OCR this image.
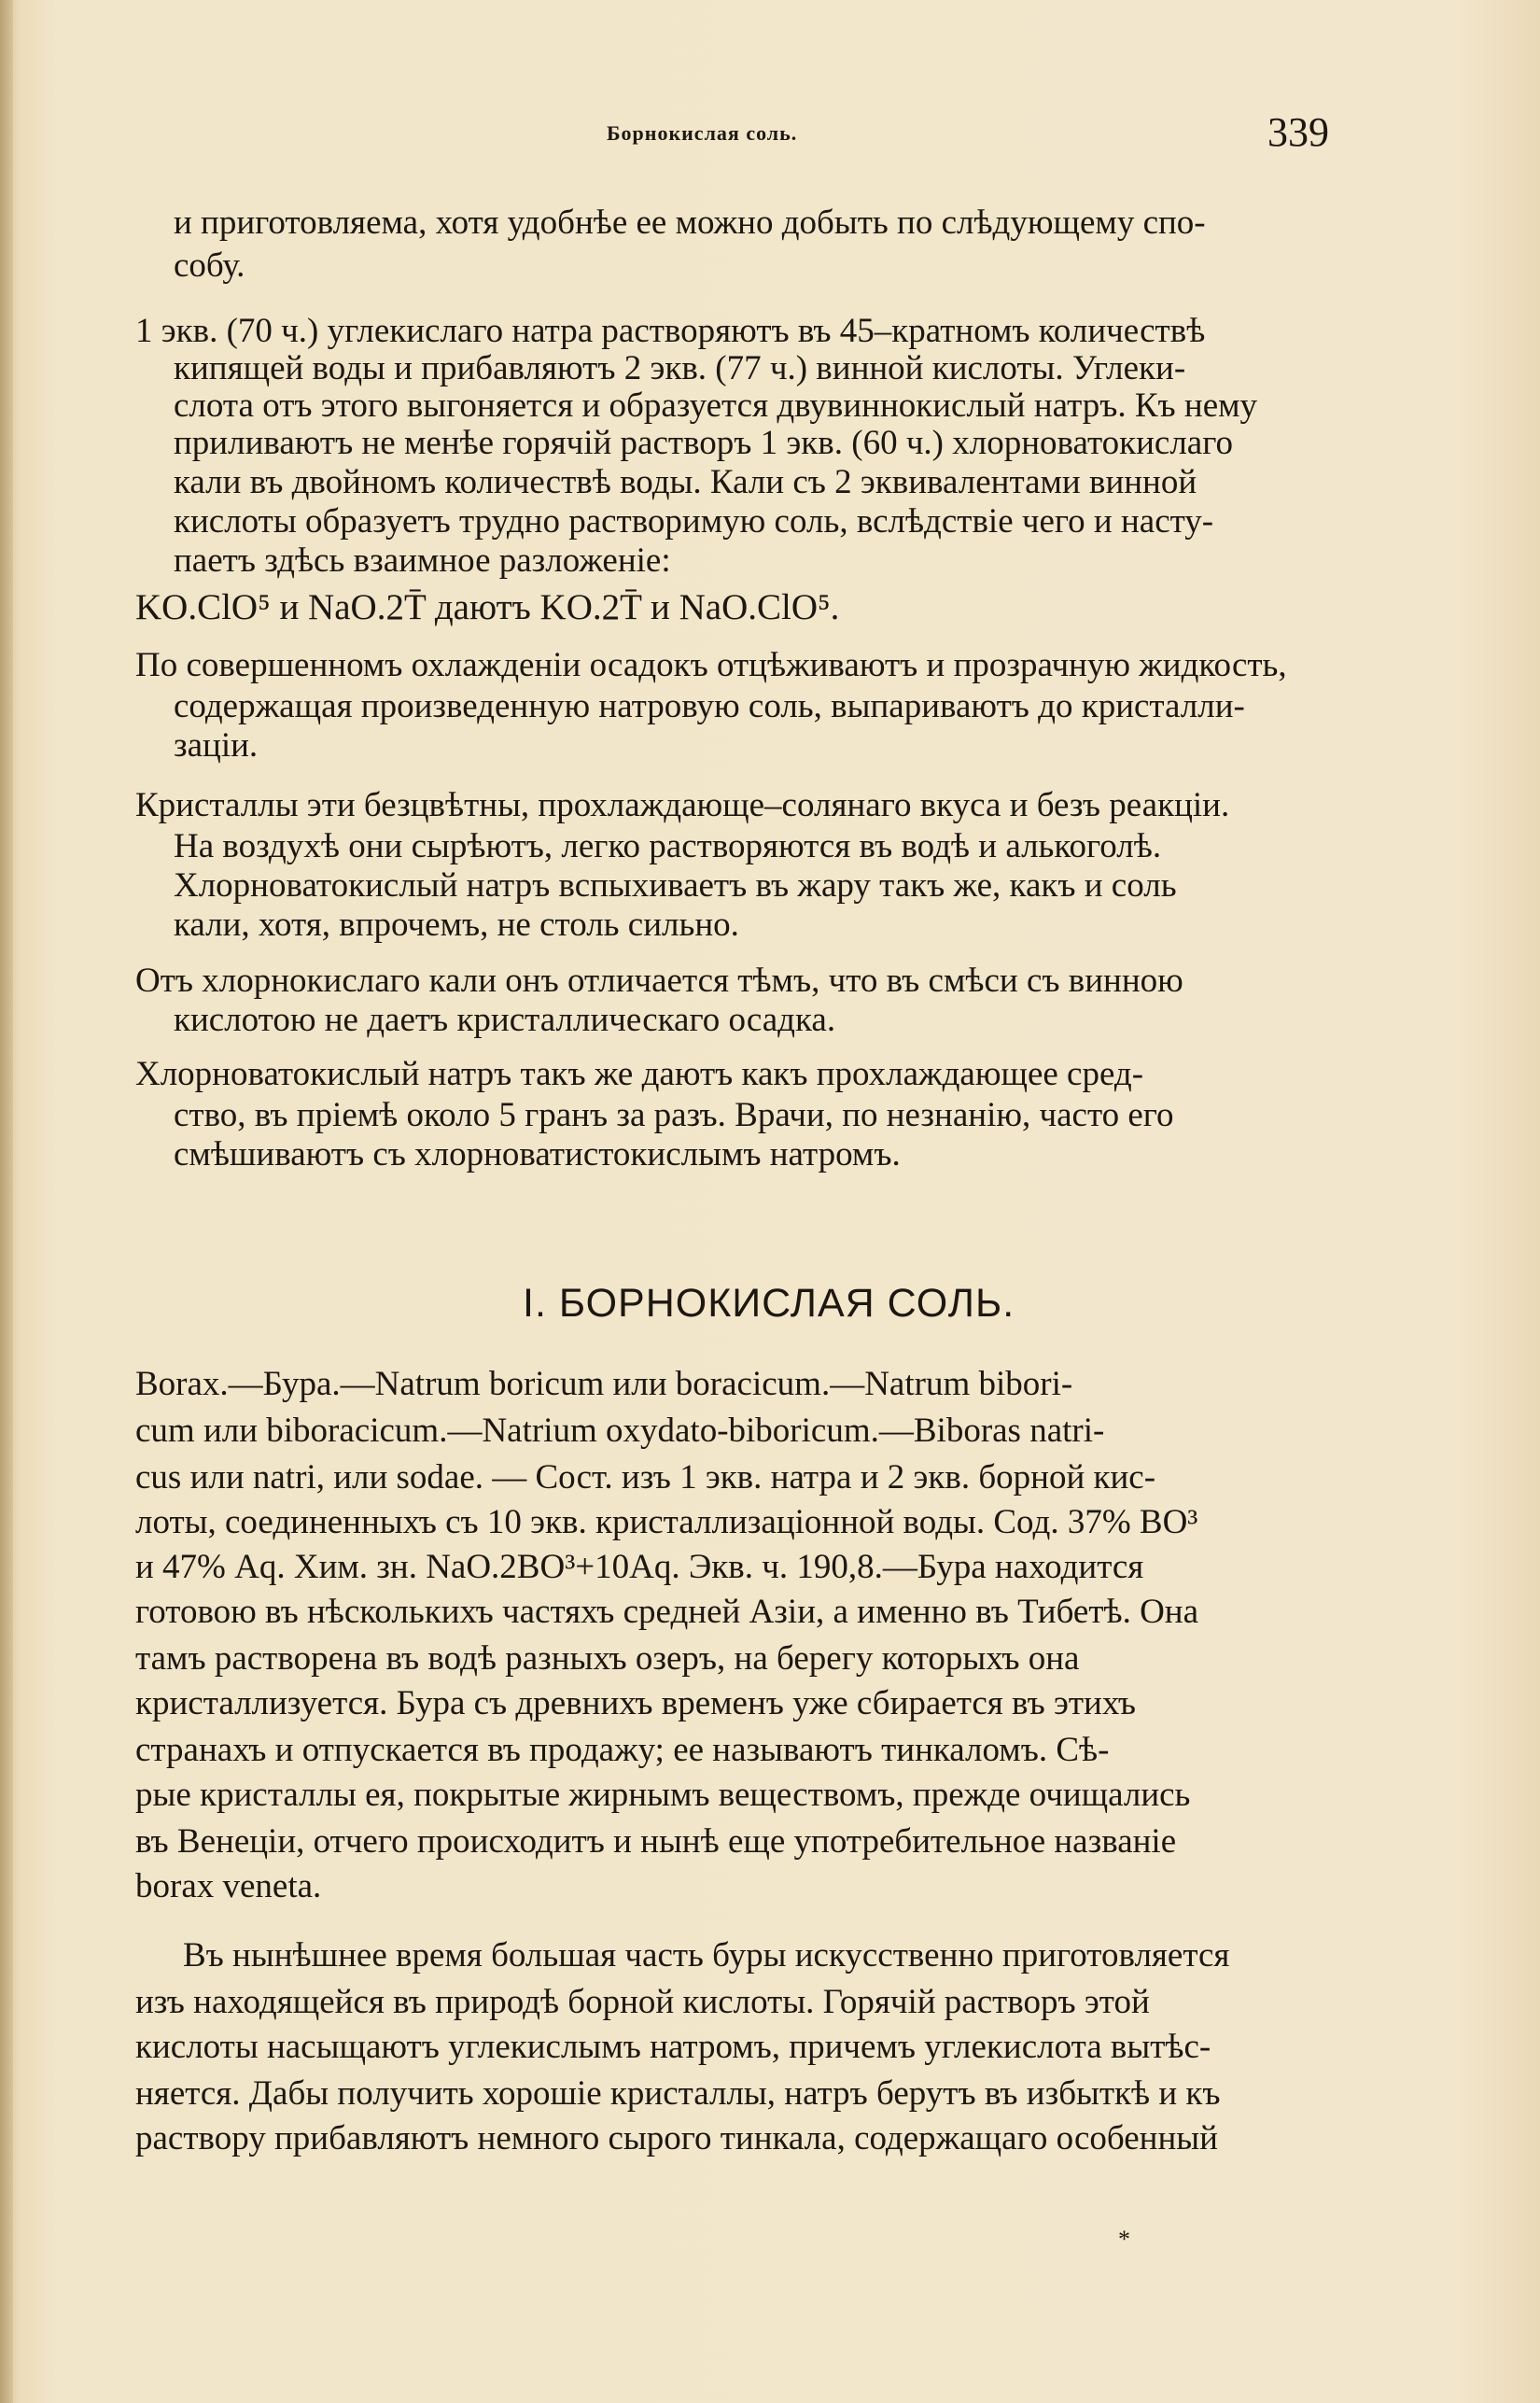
Борнокислая соль.	339
и приготовляема, хотя удобнѣе ее можно добыть по слѣдующему спо-
собу.
1 экв. (70 ч.) углекислаго натра растворяютъ въ 45–кратномъ количествѣ
кипящей воды и прибавляютъ 2 экв. (77 ч.) винной кислоты. Углеки-
слота отъ этого выгоняется и образуется двувиннокислый натръ. Къ нему
приливаютъ не менѣе горячій растворъ 1 экв. (60 ч.) хлорноватокислаго
кали въ двойномъ количествѣ воды. Кали съ 2 эквивалентами винной
кислоты образуетъ трудно растворимую соль, вслѣдствіе чего и насту-
паетъ здѣсь взаимное разложеніе:
KO.ClO⁵ и NaO.2T̄ даютъ KO.2T̄ и NaO.ClO⁵.
По совершенномъ охлажденіи осадокъ отцѣживаютъ и прозрачную жидкость,
содержащая произведенную натровую соль, выпариваютъ до кристалли-
заціи.
Кристаллы эти безцвѣтны, прохлаждающе–солянаго вкуса и безъ реакціи.
На воздухѣ они сырѣютъ, легко растворяются въ водѣ и алькоголѣ.
Хлорноватокислый натръ вспыхиваетъ въ жару такъ же, какъ и соль
кали, хотя, впрочемъ, не столь сильно.
Отъ хлорнокислаго кали онъ отличается тѣмъ, что въ смѣси съ винною
кислотою не даетъ кристаллическаго осадка.
Хлорноватокислый натръ такъ же даютъ какъ прохлаждающее сред-
ство, въ пріемѣ около 5 гранъ за разъ. Врачи, по незнанію, часто его
смѣшиваютъ съ хлорноватистокислымъ натромъ.
I. БОРНОКИСЛАЯ СОЛЬ.
Borax.—Бура.—Natrum boricum или boracicum.—Natrum bibori-
cum или biboracicum.—Natrium oxydato-biboricum.—Biboras natri-
cus или natri, или sodae. — Сост. изъ 1 экв. натра и 2 экв. борной кис-
лоты, соединенныхъ съ 10 экв. кристаллизаціонной воды. Сод. 37% BO³
и 47% Aq. Хим. зн. NaO.2BO³+10Aq. Экв. ч. 190,8.—Бура находится
готовою въ нѣсколькихъ частяхъ средней Азіи, а именно въ Тибетѣ. Она
тамъ растворена въ водѣ разныхъ озеръ, на берегу которыхъ она
кристаллизуется. Бура съ древнихъ временъ уже сбирается въ этихъ
странахъ и отпускается въ продажу; ее называютъ тинкаломъ. Сѣ-
рые кристаллы ея, покрытые жирнымъ веществомъ, прежде очищались
въ Венеціи, отчего происходитъ и нынѣ еще употребительное названіе
borax veneta.
Въ нынѣшнее время большая часть буры искусственно приготовляется
изъ находящейся въ природѣ борной кислоты. Горячій растворъ этой
кислоты насыщаютъ углекислымъ натромъ, причемъ углекислота вытѣс-
няется. Дабы получить хорошіе кристаллы, натръ берутъ въ избыткѣ и къ
раствору прибавляютъ немного сырого тинкала, содержащаго особенный
*
